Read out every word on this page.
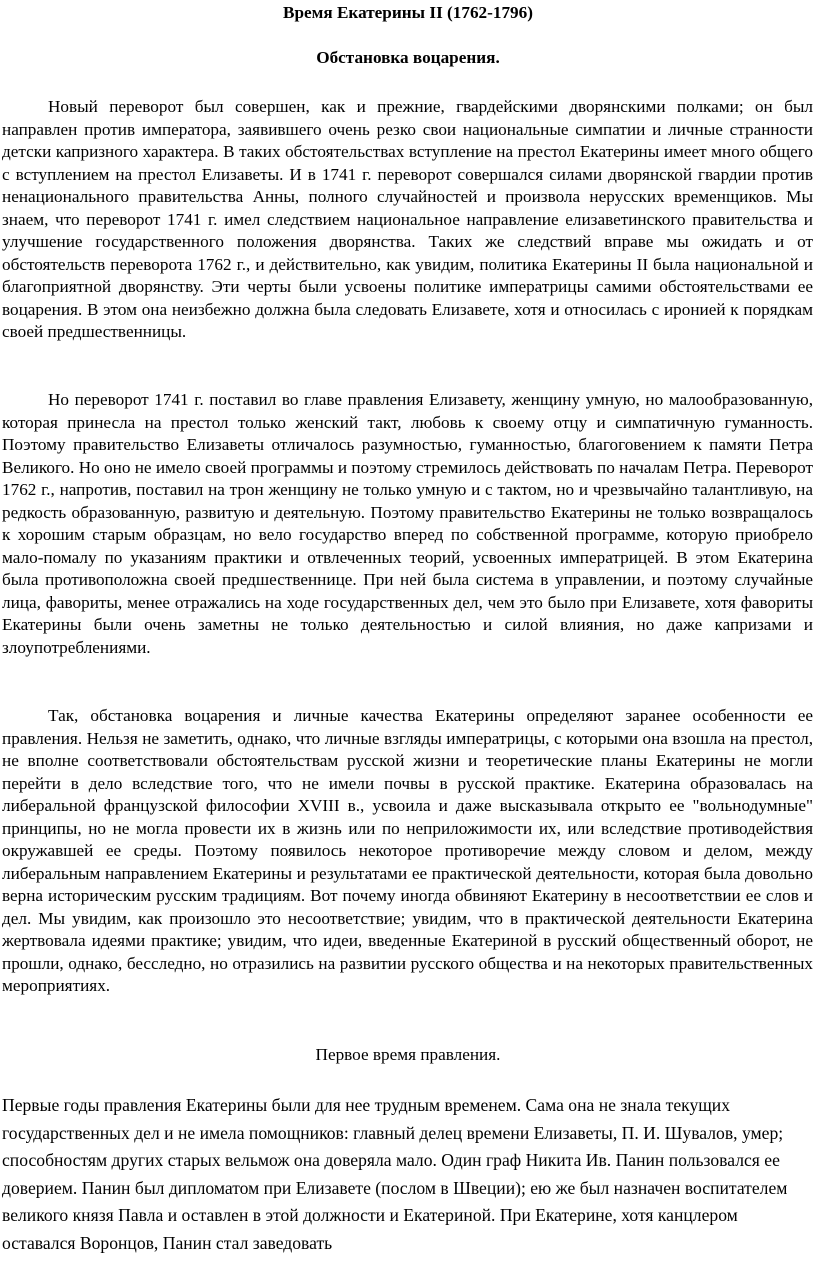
Время Екатерины II (1762-1796)
Обстановка воцарения.

Новый переворот был совершен, как и прежние, гвардейскими дворянскими полками; он был направлен против императора, заявившего очень резко свои национальные симпатии и личные странности детски капризного характера. В таких обстоятельствах вступление на престол Екатерины имеет много общего с вступлением на престол Елизаветы. И в 1741 г. переворот совершался силами дворянской гвардии против ненационального правительства Анны, полного случайностей и произвола нерусских временщиков. Мы знаем, что переворот 1741 г. имел следствием национальное направление елизаветинского правительства и улучшение государственного положения дворянства. Таких же следствий вправе мы ожидать и от обстоятельств переворота 1762 г., и действительно, как увидим, политика Екатерины II была национальной и благоприятной дворянству. Эти черты были усвоены политике императрицы самими обстоятельствами ее воцарения. В этом она неизбежно должна была следовать Елизавете, хотя и относилась с иронией к порядкам своей предшественницы.

Но переворот 1741 г. поставил во главе правления Елизавету, женщину умную, но малообразованную, которая принесла на престол только женский такт, любовь к своему отцу и симпатичную гуманность. Поэтому правительство Елизаветы отличалось разумностью, гуманностью, благоговением к памяти Петра Великого. Но оно не имело своей программы и поэтому стремилось действовать по началам Петра. Переворот 1762 г., напротив, поставил на трон женщину не только умную и с тактом, но и чрезвычайно талантливую, на редкость образованную, развитую и деятельную. Поэтому правительство Екатерины не только возвращалось к хорошим старым образцам, но вело государство вперед по собственной программе, которую приобрело мало-помалу по указаниям практики и отвлеченных теорий, усвоенных императрицей. В этом Екатерина была противоположна своей предшественнице. При ней была система в управлении, и поэтому случайные лица, фавориты, менее отражались на ходе государственных дел, чем это было при Елизавете, хотя фавориты Екатерины были очень заметны не только деятельностью и силой влияния, но даже капризами и злоупотреблениями.

Так, обстановка воцарения и личные качества Екатерины определяют заранее особенности ее правления. Нельзя не заметить, однако, что личные взгляды императрицы, с которыми она взошла на престол, не вполне соответствовали обстоятельствам русской жизни и теоретические планы Екатерины не могли перейти в дело вследствие того, что не имели почвы в русской практике. Екатерина образовалась на либеральной французской философии XVIII в., усвоила и даже высказывала открыто ее "вольнодумные" принципы, но не могла провести их в жизнь или по неприложимости их, или вследствие противодействия окружавшей ее среды. Поэтому появилось некоторое противоречие между словом и делом, между либеральным направлением Екатерины и результатами ее практической деятельности, которая была довольно верна историческим русским традициям. Вот почему иногда обвиняют Екатерину в несоответствии ее слов и дел. Мы увидим, как произошло это несоответствие; увидим, что в практической деятельности Екатерина жертвовала идеями практике; увидим, что идеи, введенные Екатериной в русский общественный оборот, не прошли, однако, бесследно, но отразились на развитии русского общества и на некоторых правительственных мероприятиях.

Первое время правления.

Первые годы правления Екатерины были для нее трудным временем. Сама она не знала текущих государственных дел и не имела помощников: главный делец времени Елизаветы, П. И. Шувалов, умер; способностям других старых вельмож она доверяла мало. Один граф Никита Ив. Панин пользовался ее доверием. Панин был дипломатом при Елизавете (послом в Швеции); ею же был назначен воспитателем великого князя Павла и оставлен в этой должности и Екатериной. При Екатерине, хотя канцлером оставался Воронцов, Панин стал заведовать
